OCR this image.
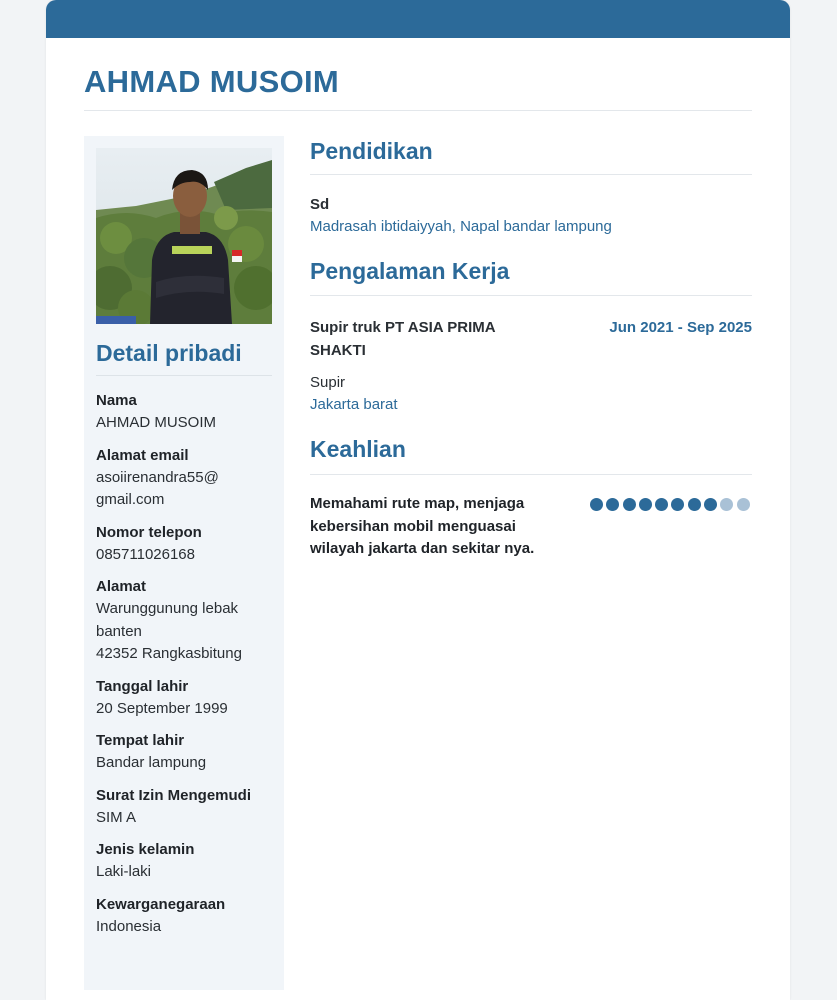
AHMAD MUSOIM
Detail pribadi
Nama
AHMAD MUSOIM
Alamat email
asoiirenandra55@
gmail.com
Nomor telepon
085711026168
Alamat
Warunggunung lebak
banten
42352 Rangkasbitung
Tanggal lahir
20 September 1999
Tempat lahir
Bandar lampung
Surat Izin Mengemudi
SIM A
Jenis kelamin
Laki-laki
Kewarganegaraan
Indonesia
Pendidikan
Sd
Madrasah ibtidaiyyah, Napal bandar lampung
Pengalaman Kerja
Supir truk PT ASIA PRIMA
SHAKTI
Jun 2021 - Sep 2025
Supir
Jakarta barat
Keahlian
Memahami rute map, menjaga
kebersihan mobil menguasai
wilayah jakarta dan sekitar nya.
